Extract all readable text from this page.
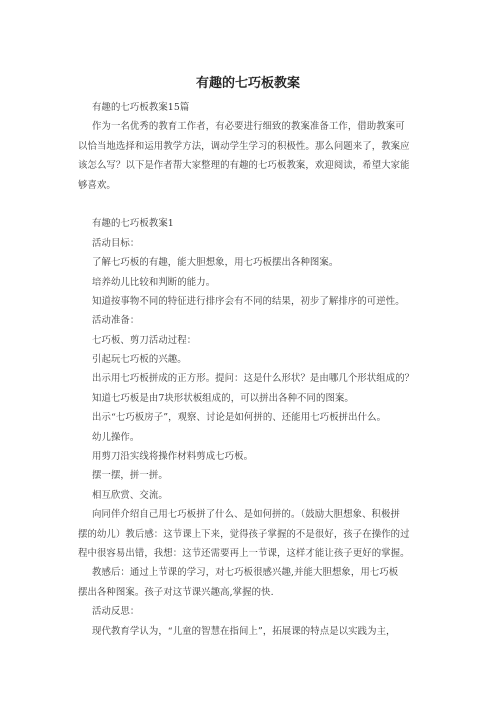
有趣的七巧板教案
有趣的七巧板教案15篇
作为一名优秀的教育工作者，有必要进行细致的教案准备工作，借助教案可
以恰当地选择和运用教学方法，调动学生学习的积极性。那么问题来了，教案应
该怎么写？以下是作者帮大家整理的有趣的七巧板教案，欢迎阅读，希望大家能
够喜欢。
有趣的七巧板教案1
活动目标：
了解七巧板的有趣，能大胆想象，用七巧板摆出各种图案。
培养幼儿比较和判断的能力。
知道按事物不同的特征进行排序会有不同的结果，初步了解排序的可逆性。
活动准备：
七巧板、剪刀活动过程：
引起玩七巧板的兴趣。
出示用七巧板拼成的正方形。提问：这是什么形状？是由哪几个形状组成的？
知道七巧板是由7块形状板组成的，可以拼出各种不同的图案。
出示“七巧板房子”，观察、讨论是如何拼的、还能用七巧板拼出什么。
幼儿操作。
用剪刀沿实线将操作材料剪成七巧板。
摆一摆，拼一拼。
相互欣赏、交流。
向同伴介绍自己用七巧板拼了什么、是如何拼的。（鼓励大胆想象、积极拼
摆的幼儿）教后感：这节课上下来，觉得孩子掌握的不是很好，孩子在操作的过
程中很容易出错，我想：这节还需要再上一节课，这样才能让孩子更好的掌握。
教感后：通过上节课的学习，对七巧板很感兴趣,并能大胆想象，用七巧板
摆出各种图案。孩子对这节课兴趣高,掌握的快.
活动反思：
现代教育学认为，“儿童的智慧在指间上”，拓展课的特点是以实践为主，
